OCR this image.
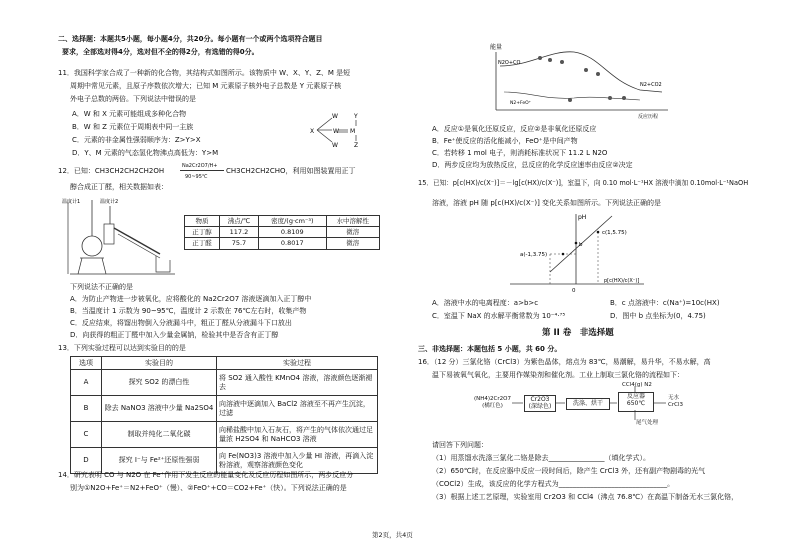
二、选择题：本题共5小题，每小题4分，共20分。每小题有一个或两个选项符合题目
要求，全部选对得4分，选对但不全的得2分，有选错的得0分。
11．我国科学家合成了一种新的化合物，其结构式如图所示。该物质中 W、X、Y、Z、M 是短
周期中常见元素，且原子序数依次增大；已知 M 元素原子核外电子总数是 Y 元素原子核
外电子总数的两倍。下列说法中错误的是
A．W 和 X 元素可能组成多种化合物
B．W 和 Z 元素位于周期表中同一主族
C．元素的非金属性强弱顺序为：Z>Y>X
D．Y、M 元素的气态氢化物沸点高低为：Y>M
X
W
W
W
M
Y
Z
12．已知：CH3CH2CH2CH2OH
Na2Cr2O7/H+
90~95℃
CH3CH2CH2CHO，利用如图装置用正丁
醇合成正丁醛，相关数据如表：
温度计1	温度计2
物质	沸点/℃	密度/(g·cm⁻³)	水中溶解性
正丁醇	117.2	0.8109	微溶
正丁醛	75.7	0.8017	微溶
下列说法不正确的是
A．为防止产物进一步被氧化，应将酸化的 Na2Cr2O7 溶液逐滴加入正丁醇中
B．当温度计 1 示数为 90~95℃，温度计 2 示数在 76℃左右时，收集产物
C．反应结束，将馏出物倒入分液漏斗中，粗正丁醛从分液漏斗下口放出
D．向获得的粗正丁醛中加入少量金属钠，检验其中是否含有正丁醇
13．下列实验过程可以达到实验目的的是
选项	实验目的	实验过程
A	探究 SO2 的漂白性	将 SO2 通入酸性 KMnO4 溶液，溶液颜色逐渐褪去
B	除去 NaNO3 溶液中少量 Na2SO4	向溶液中逐滴加入 BaCl2 溶液至不再产生沉淀，过滤
C	制取并纯化二氧化碳	向稀盐酸中加入石灰石，将产生的气体依次通过足量浓 H2SO4 和 NaHCO3 溶液
D	探究 I⁻与 Fe²⁺还原性强弱	向 Fe(NO3)3 溶液中加入少量 HI 溶液，再滴入淀粉溶液，观察溶液颜色变化
14．研究表明 CO 与 N2O 在 Fe⁺作用下发生反应的能量变化及反应历程如图所示，两步反应分
别为①N2O+Fe⁺＝N2+FeO⁺（慢）、②FeO⁺+CO＝CO2+Fe⁺（快）。下列说法正确的是
能量
N2O+CO
N2+CO2
N2+FeO⁺
反应历程
A．反应①是氧化还原反应，反应②是非氧化还原反应
B．Fe⁺使反应的活化能减小，FeO⁺是中间产物
C．若转移 1 mol 电子，则消耗标准状况下 11.2 L N2O
D．两步反应均为放热反应，总反应的化学反应速率由反应②决定
15．已知：p[c(HX)/c(X⁻)]＝－lg[c(HX)/c(X⁻)]，室温下，向 0.10 mol·L⁻¹HX 溶液中滴加 0.10mol·L⁻¹NaOH
溶液，溶液 pH 随 p[c(HX)/c(X⁻)] 变化关系如图所示。下列说法正确的是
pH
c(1,5.75)
b
a(-1,3.75)
0
p[c(HX)/c(X⁻)]
A．溶液中水的电离程度：a>b>c	B．c 点溶液中：c(Na⁺)=10c(HX)
C．室温下 NaX 的水解平衡常数为 10⁻⁴·⁷⁵	D．图中 b 点坐标为(0，4.75)
第 II 卷　非选择题
三、非选择题：本题包括 5 小题，共 60 分。
16．（12 分）三氯化铬（CrCl3）为紫色晶体，熔点为 83℃，易潮解，易升华，不易水解，高
温下易被氧气氧化，主要用作媒染剂和催化剂。工业上制取三氯化铬的流程如下：
(NH4)2Cr2O7
(橘红色)
Cr2O3
(深绿色)	洗涤、烘干
反应器
650℃
无水
CrCl3
CCl4(g) N2
尾气处理
请回答下列问题：
（1）用蒸馏水洗涤三氯化二铬是除去________________（填化学式）。
（2）650℃时，在反应器中反应一段时间后，除产生 CrCl3 外，还有副产物剧毒的光气
（COCl2）生成，该反应的化学方程式为_______________________________。
（3）根据上述工艺原理，实验室用 Cr2O3 和 CCl4（沸点 76.8℃）在高温下制备无水三氯化铬，
第2页，共4页
